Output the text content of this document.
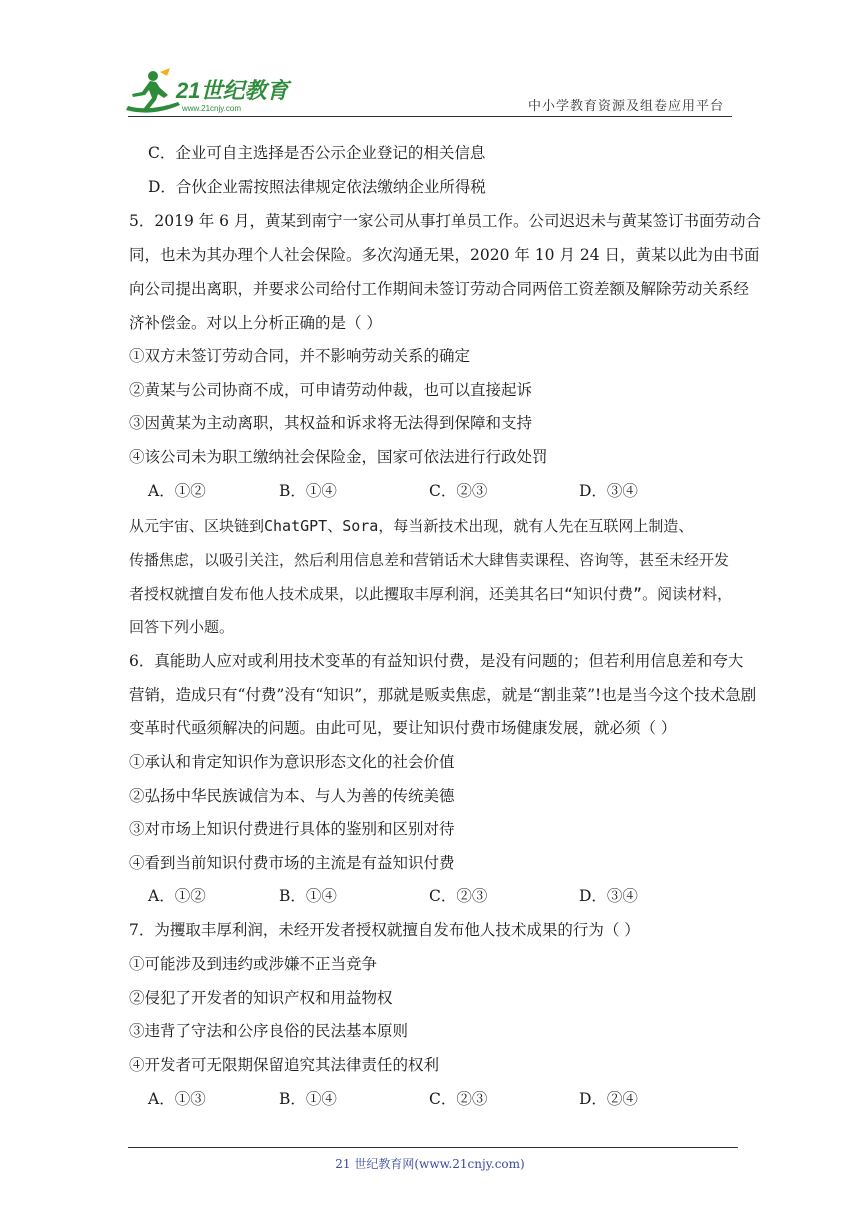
21世纪教育
www.21cnjy.com	中小学教育资源及组卷应用平台
C．企业可自主选择是否公示企业登记的相关信息
D．合伙企业需按照法律规定依法缴纳企业所得税
5．2019 年 6 月，黄某到南宁一家公司从事打单员工作。公司迟迟未与黄某签订书面劳动合
同，也未为其办理个人社会保险。多次沟通无果，2020 年 10 月 24 日，黄某以此为由书面
向公司提出离职，并要求公司给付工作期间未签订劳动合同两倍工资差额及解除劳动关系经
济补偿金。对以上分析正确的是（ ）
①双方未签订劳动合同，并不影响劳动关系的确定
②黄某与公司协商不成，可申请劳动仲裁，也可以直接起诉
③因黄某为主动离职，其权益和诉求将无法得到保障和支持
④该公司未为职工缴纳社会保险金，国家可依法进行行政处罚
A．①②	B．①④	C．②③	D．③④
从元宇宙、区块链到ChatGPT、Sora，每当新技术出现，就有人先在互联网上制造、
传播焦虑，以吸引关注，然后利用信息差和营销话术大肆售卖课程、咨询等，甚至未经开发
者授权就擅自发布他人技术成果，以此攫取丰厚利润，还美其名曰“知识付费”。阅读材料，
回答下列小题。
6．真能助人应对或利用技术变革的有益知识付费，是没有问题的；但若利用信息差和夸大
营销，造成只有“付费”没有“知识”，那就是贩卖焦虑，就是“割韭菜”!也是当今这个技术急剧
变革时代亟须解决的问题。由此可见，要让知识付费市场健康发展，就必须（ ）
①承认和肯定知识作为意识形态文化的社会价值
②弘扬中华民族诚信为本、与人为善的传统美德
③对市场上知识付费进行具体的鉴别和区别对待
④看到当前知识付费市场的主流是有益知识付费
A．①②	B．①④	C．②③	D．③④
7．为攫取丰厚利润，未经开发者授权就擅自发布他人技术成果的行为（ ）
①可能涉及到违约或涉嫌不正当竞争
②侵犯了开发者的知识产权和用益物权
③违背了守法和公序良俗的民法基本原则
④开发者可无限期保留追究其法律责任的权利
A．①③	B．①④	C．②③	D．②④
21 世纪教育网(www.21cnjy.com)
